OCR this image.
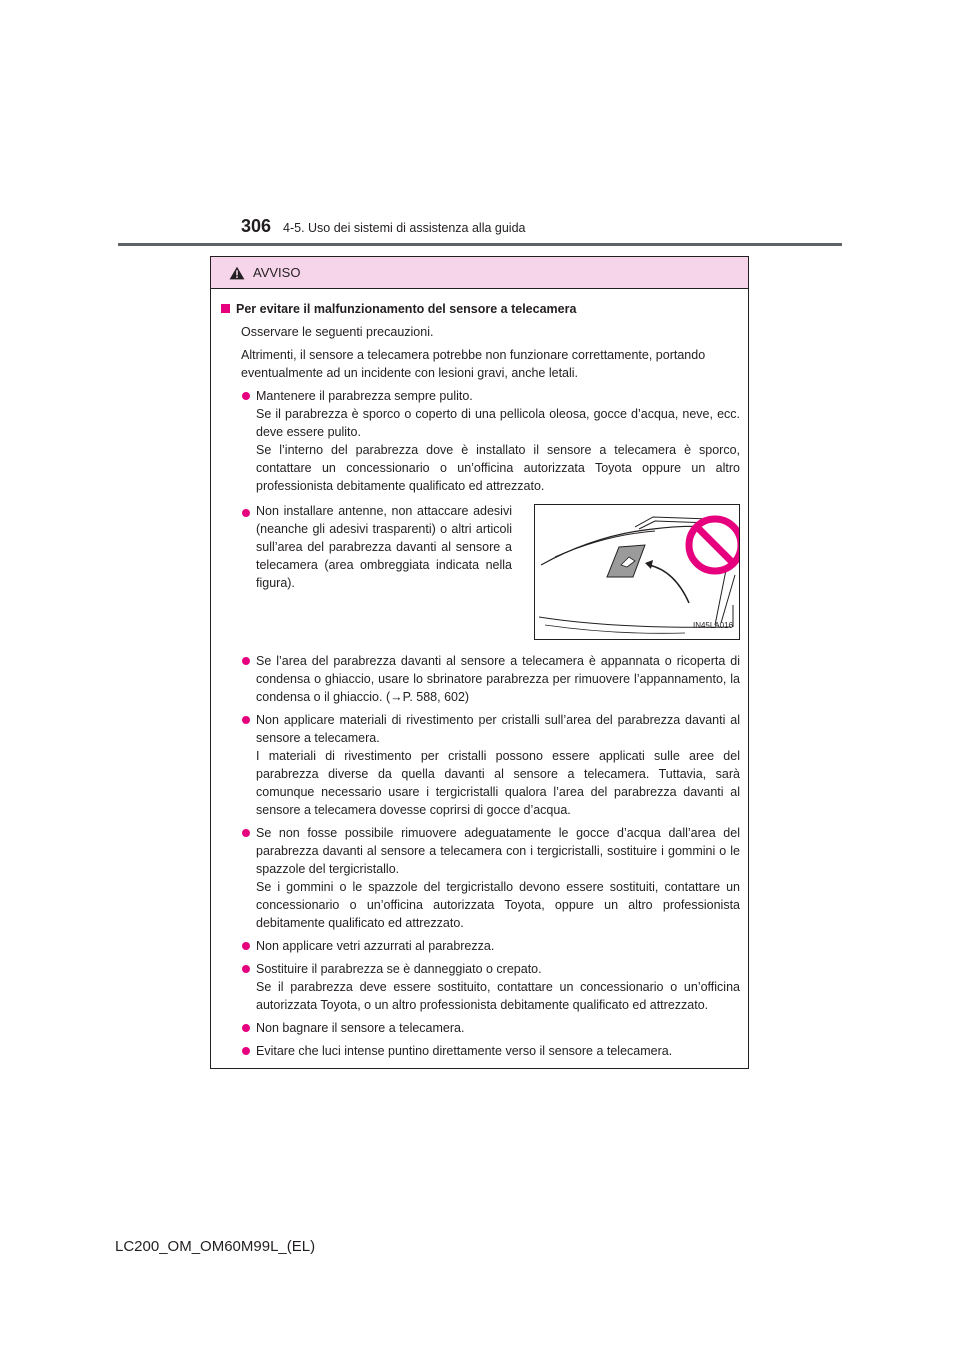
306 4-5. Uso dei sistemi di assistenza alla guida
AVVISO
Per evitare il malfunzionamento del sensore a telecamera
Osservare le seguenti precauzioni.
Altrimenti, il sensore a telecamera potrebbe non funzionare correttamente, portando eventualmente ad un incidente con lesioni gravi, anche letali.
Mantenere il parabrezza sempre pulito.
Se il parabrezza è sporco o coperto di una pellicola oleosa, gocce d’acqua, neve, ecc. deve essere pulito.
Se l’interno del parabrezza dove è installato il sensore a telecamera è sporco, contattare un concessionario o un’officina autorizzata Toyota oppure un altro professionista debitamente qualificato ed attrezzato.
Non installare antenne, non attaccare adesivi (neanche gli adesivi trasparenti) o altri articoli sull’area del parabrezza davanti al sensore a telecamera (area ombreggiata indicata nella figura).
IN45LA016
Se l’area del parabrezza davanti al sensore a telecamera è appannata o ricoperta di condensa o ghiaccio, usare lo sbrinatore parabrezza per rimuovere l’appannamento, la condensa o il ghiaccio. (→P. 588, 602)
Non applicare materiali di rivestimento per cristalli sull’area del parabrezza davanti al sensore a telecamera.
I materiali di rivestimento per cristalli possono essere applicati sulle aree del parabrezza diverse da quella davanti al sensore a telecamera. Tuttavia, sarà comunque necessario usare i tergicristalli qualora l’area del parabrezza davanti al sensore a telecamera dovesse coprirsi di gocce d’acqua.
Se non fosse possibile rimuovere adeguatamente le gocce d’acqua dall’area del parabrezza davanti al sensore a telecamera con i tergicristalli, sostituire i gommini o le spazzole del tergicristallo.
Se i gommini o le spazzole del tergicristallo devono essere sostituiti, contattare un concessionario o un’officina autorizzata Toyota, oppure un altro professionista debitamente qualificato ed attrezzato.
Non applicare vetri azzurrati al parabrezza.
Sostituire il parabrezza se è danneggiato o crepato.
Se il parabrezza deve essere sostituito, contattare un concessionario o un’officina autorizzata Toyota, o un altro professionista debitamente qualificato ed attrezzato.
Non bagnare il sensore a telecamera.
Evitare che luci intense puntino direttamente verso il sensore a telecamera.
LC200_OM_OM60M99L_(EL)
